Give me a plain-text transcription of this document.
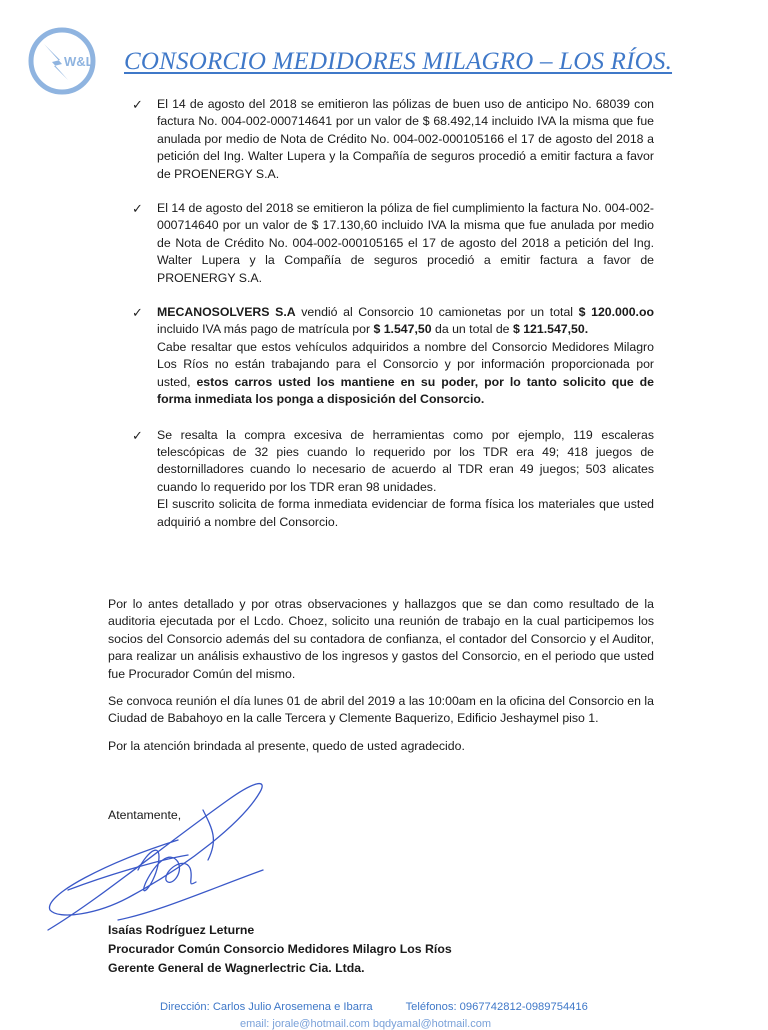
W&L CONSORCIO MEDIDORES MILAGRO – LOS RÍOS.
✓ El 14 de agosto del 2018 se emitieron las pólizas de buen uso de anticipo No. 68039 con factura No. 004-002-000714641 por un valor de $ 68.492,14 incluido IVA la misma que fue anulada por medio de Nota de Crédito No. 004-002-000105166 el 17 de agosto del 2018 a petición del Ing. Walter Lupera y la Compañía de seguros procedió a emitir factura a favor de PROENERGY S.A.
✓ El 14 de agosto del 2018 se emitieron la póliza de fiel cumplimiento la factura No. 004-002-000714640 por un valor de $ 17.130,60 incluido IVA la misma que fue anulada por medio de Nota de Crédito No. 004-002-000105165 el 17 de agosto del 2018 a petición del Ing. Walter Lupera y la Compañía de seguros procedió a emitir factura a favor de PROENERGY S.A.
✓ MECANOSOLVERS S.A vendió al Consorcio 10 camionetas por un total $ 120.000.oo incluido IVA más pago de matrícula por $ 1.547,50 da un total de $ 121.547,50.
Cabe resaltar que estos vehículos adquiridos a nombre del Consorcio Medidores Milagro Los Ríos no están trabajando para el Consorcio y por información proporcionada por usted, estos carros usted los mantiene en su poder, por lo tanto solicito que de forma inmediata los ponga a disposición del Consorcio.
✓ Se resalta la compra excesiva de herramientas como por ejemplo, 119 escaleras telescópicas de 32 pies cuando lo requerido por los TDR era 49; 418 juegos de destornilladores cuando lo necesario de acuerdo al TDR eran 49 juegos; 503 alicates cuando lo requerido por los TDR eran 98 unidades.
El suscrito solicita de forma inmediata evidenciar de forma física los materiales que usted adquirió a nombre del Consorcio.

Por lo antes detallado y por otras observaciones y hallazgos que se dan como resultado de la auditoria ejecutada por el Lcdo. Choez, solicito una reunión de trabajo en la cual participemos los socios del Consorcio además del su contadora de confianza, el contador del Consorcio y el Auditor, para realizar un análisis exhaustivo de los ingresos y gastos del Consorcio, en el periodo que usted fue Procurador Común del mismo.

Se convoca reunión el día lunes 01 de abril del 2019 a las 10:00am en la oficina del Consorcio en la Ciudad de Babahoyo en la calle Tercera y Clemente Baquerizo, Edificio Jeshaymel piso 1.

Por la atención brindada al presente, quedo de usted agradecido.

Atentamente,
Isaías Rodríguez Leturne
Procurador Común Consorcio Medidores Milagro Los Ríos
Gerente General de Wagnerlectric Cia. Ltda.
Dirección: Carlos Julio Arosemena e Ibarra	Teléfonos: 0967742812-0989754416
email: jorale@hotmail.com bqdyamal@hotmail.com
